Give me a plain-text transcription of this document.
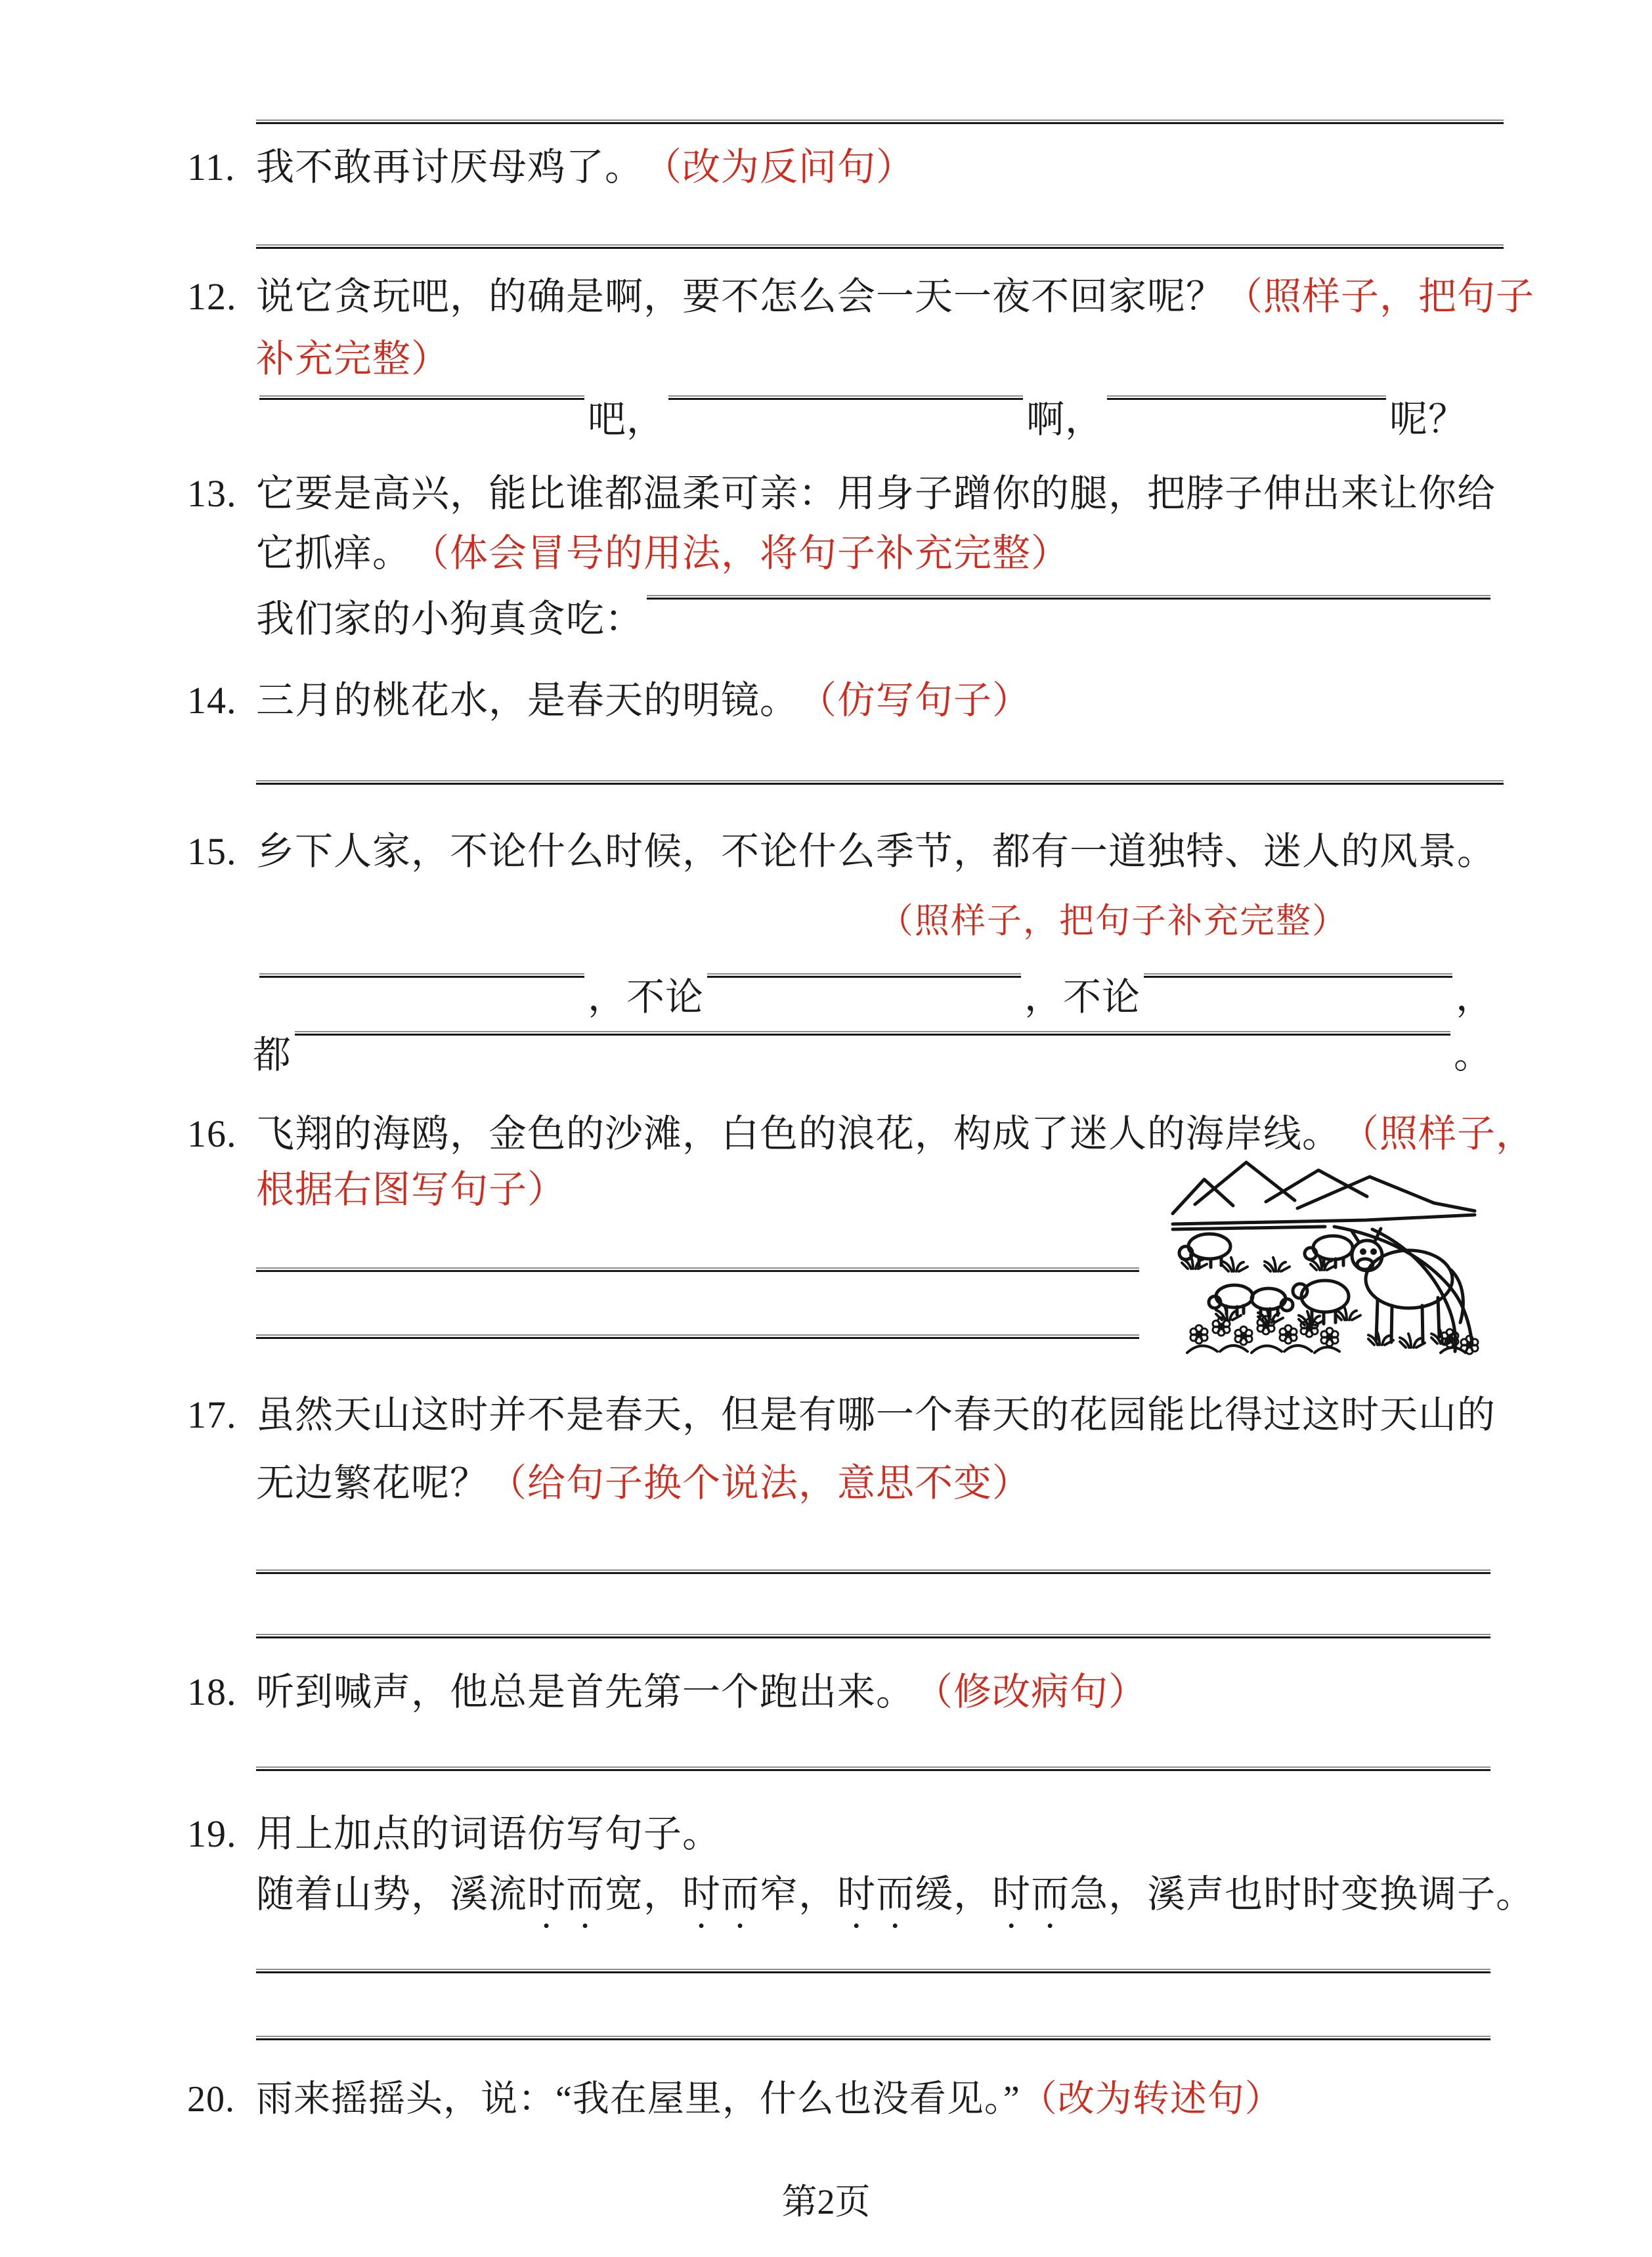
11. 我不敢再讨厌母鸡了。 （改为反问句）
12. 说它贪玩吧，的确是啊，要不怎么会一天一夜不回家呢？ （照样子，把句子
补充完整）
吧，	啊，	呢？
13. 它要是高兴，能比谁都温柔可亲：用身子蹭你的腿，把脖子伸出来让你给
它抓痒。 （体会冒号的用法，将句子补充完整）
我们家的小狗真贪吃：
14. 三月的桃花水，是春天的明镜。 （仿写句子）
15. 乡下人家，不论什么时候，不论什么季节，都有一道独特、迷人的风景。
（照样子，把句子补充完整）
，不论	，不论	，
都	。
16. 飞翔的海鸥，金色的沙滩，白色的浪花，构成了迷人的海岸线。 （照样子，
根据右图写句子）
17. 虽然天山这时并不是春天，但是有哪一个春天的花园能比得过这时天山的
无边繁花呢？ （给句子换个说法，意思不变）
18. 听到喊声，他总是首先第一个跑出来。 （修改病句）
19. 用上加点的词语仿写句子。
随着山势，溪流 时而 宽， 时而 窄， 时而 缓， 时而 急， 溪声也时时变换调子。
20. 雨来摇摇头，说：“我在屋里，什么也没看见。” （改为转述句）
第2页
